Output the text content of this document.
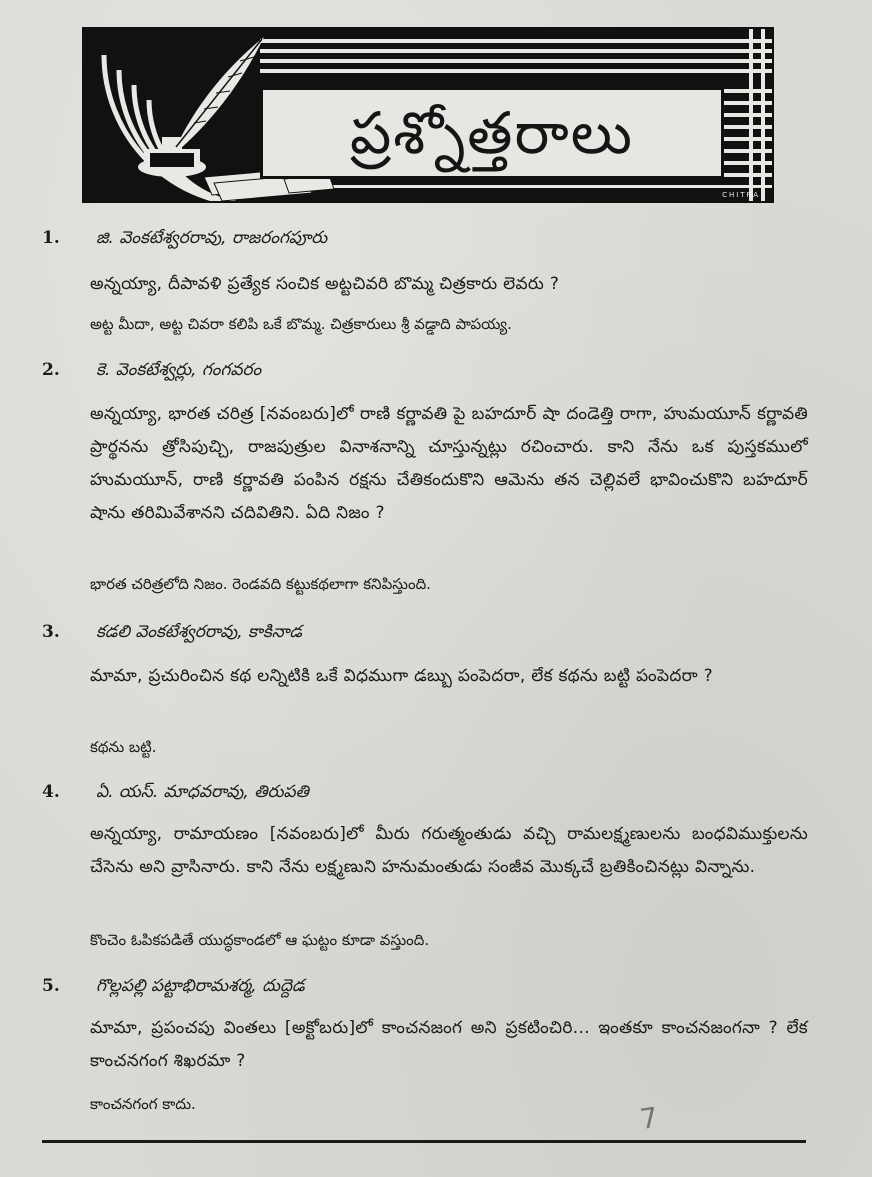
ప్రశ్నోత్తరాలు
CHITRA
1. జి. వెంకటేశ్వరరావు, రాజరంగపూరు
అన్నయ్యా, దీపావళి ప్రత్యేక సంచిక అట్టచివరి బొమ్మ చిత్రకారు లెవరు ?
అట్ట మీదా, అట్ట చివరా కలిపి ఒకే బొమ్మ. చిత్రకారులు శ్రీ వడ్డాది పాపయ్య.
2. కె. వెంకటేశ్వర్లు, గంగవరం
అన్నయ్యా, భారత చరిత్ర [నవంబరు]లో రాణి కర్ణావతి పై బహదూర్ షా దండెత్తి రాగా, హుమయూన్ కర్ణావతి ప్రార్థనను త్రోసిపుచ్చి, రాజపుత్రుల వినాశనాన్ని చూస్తున్నట్లు రచించారు. కాని నేను ఒక పుస్తకములో హుమయూన్, రాణి కర్ణావతి పంపిన రక్షను చేతికందుకొని ఆమెను తన చెల్లివలే భావించుకొని బహదూర్ షాను తరిమివేశానని చదివితిని. ఏది నిజం ?
భారత చరిత్రలోది నిజం. రెండవది కట్టుకథలాగా కనిపిస్తుంది.
3. కడలి వెంకటేశ్వరరావు, కాకినాడ
మామా, ప్రచురించిన కథ లన్నిటికి ఒకే విధముగా డబ్బు పంపెదరా, లేక కథను బట్టి పంపెదరా ?
కథను బట్టి.
4. ఏ. యస్. మాధవరావు, తిరుపతి
అన్నయ్యా, రామాయణం [నవంబరు]లో మీరు గరుత్మంతుడు వచ్చి రామలక్ష్మణులను బంధవిముక్తులను చేసెను అని వ్రాసినారు. కాని నేను లక్ష్మణుని హనుమంతుడు సంజీవ మొక్కచే బ్రతికించినట్లు విన్నాను.
కొంచెం ఓపికపడితే యుద్ధకాండలో ఆ ఘట్టం కూడా వస్తుంది.
5. గొల్లపల్లి పట్టాభిరామశర్మ, దుద్దెడ
మామా, ప్రపంచపు వింతలు [అక్టోబరు]లో కాంచనజంగ అని ప్రకటించిరి... ఇంతకూ కాంచనజంగనా ? లేక కాంచనగంగ శిఖరమా ?
కాంచనగంగ కాదు.	7
